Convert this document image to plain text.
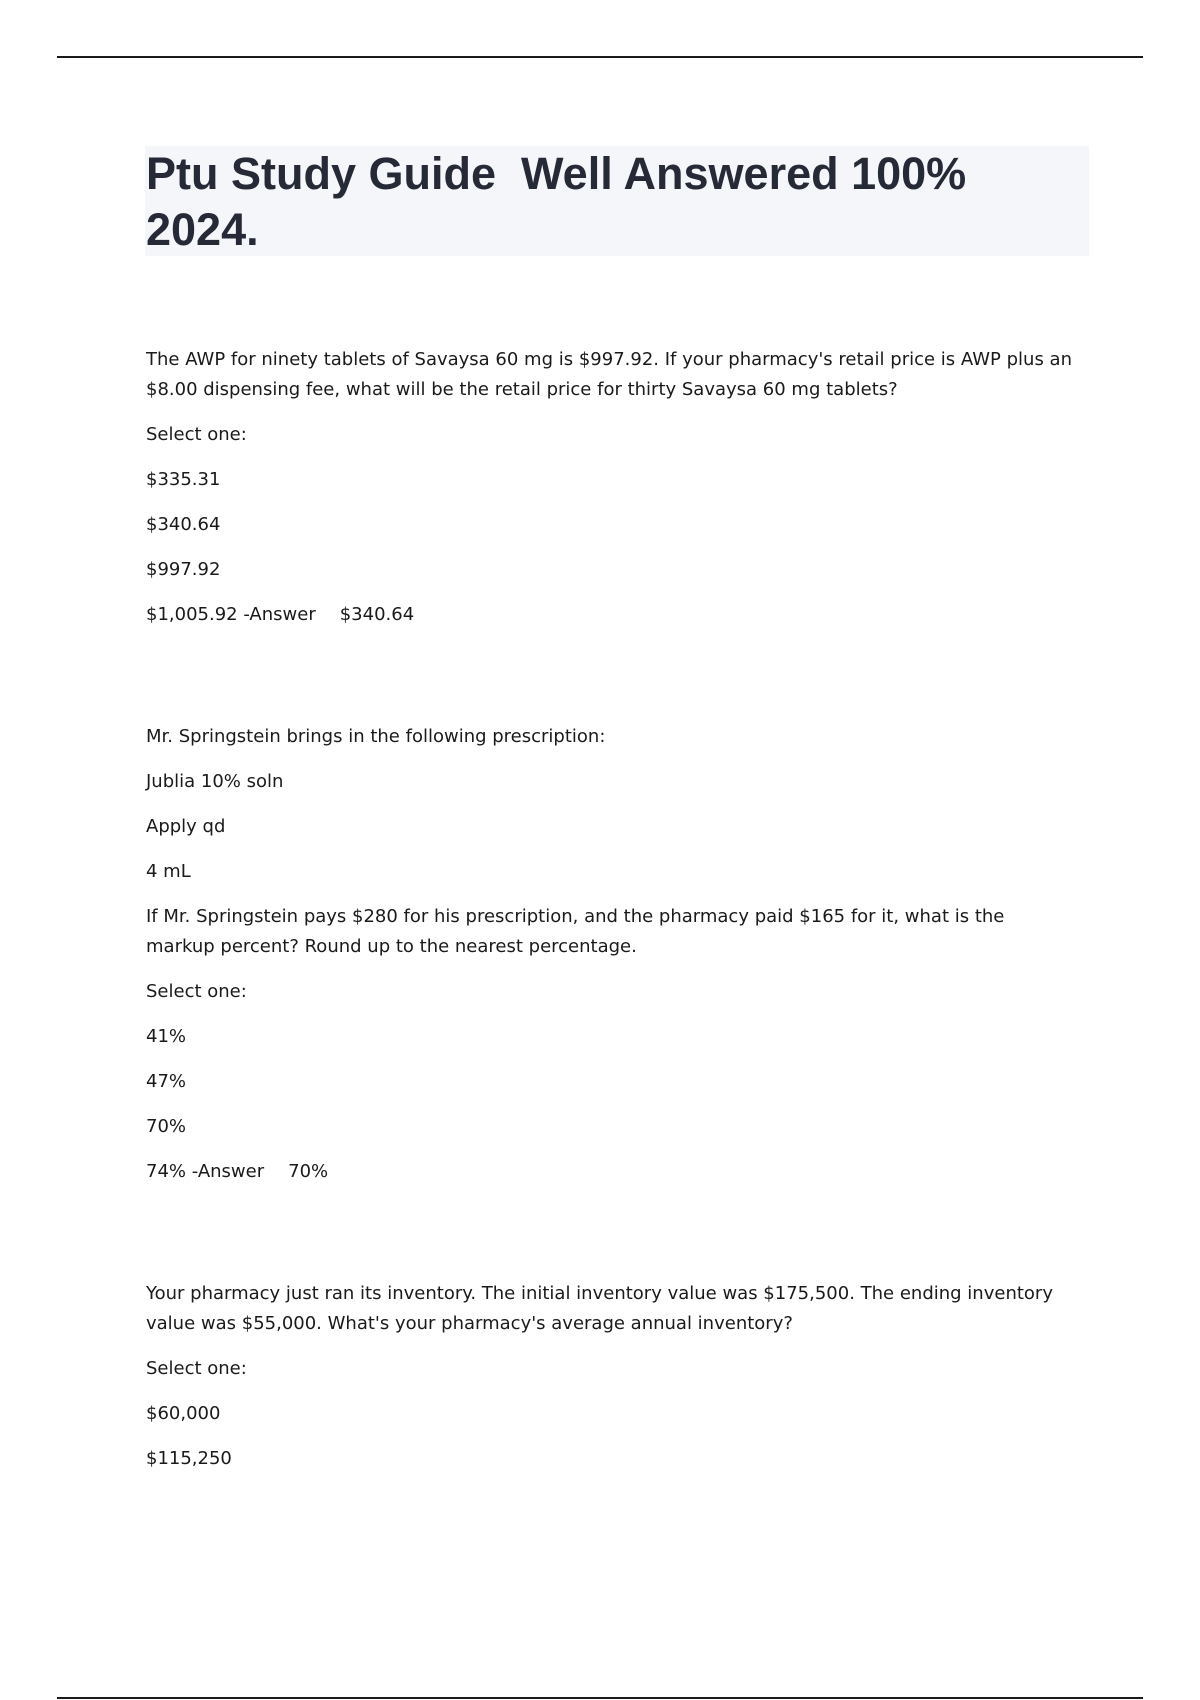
Ptu Study Guide  Well Answered 100% 2024.

The AWP for ninety tablets of Savaysa 60 mg is $997.92. If your pharmacy's retail price is AWP plus an $8.00 dispensing fee, what will be the retail price for thirty Savaysa 60 mg tablets?

Select one:

$335.31

$340.64

$997.92

$1,005.92 -Answer $340.64

Mr. Springstein brings in the following prescription:

Jublia 10% soln

Apply qd

4 mL

If Mr. Springstein pays $280 for his prescription, and the pharmacy paid $165 for it, what is the markup percent? Round up to the nearest percentage.

Select one:

41%

47%

70%

74% -Answer 70%

Your pharmacy just ran its inventory. The initial inventory value was $175,500. The ending inventory value was $55,000. What's your pharmacy's average annual inventory?

Select one:

$60,000

$115,250
